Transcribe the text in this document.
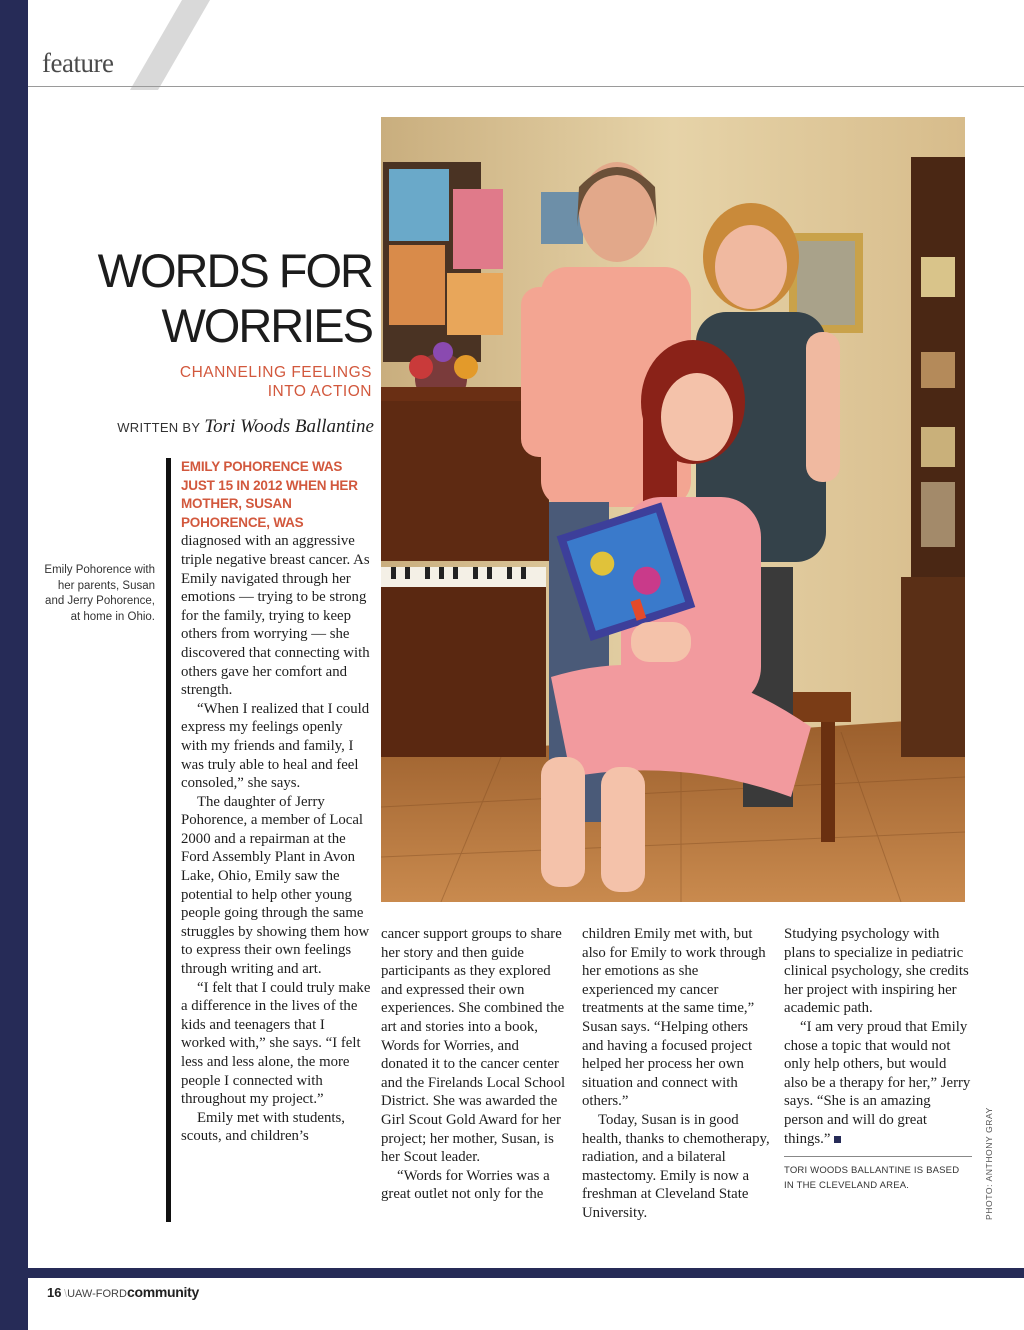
feature
WORDS FOR
WORRIES
CHANNELING FEELINGS
INTO ACTION
WRITTEN BY Tori Woods Ballantine
Emily Pohorence with her parents, Susan and Jerry Pohorence, at home in Ohio.

EMILY POHORENCE WAS JUST 15 IN 2012 WHEN HER MOTHER, SUSAN POHORENCE, WAS
diagnosed with an aggressive triple negative breast cancer. As Emily navigated through her emotions — trying to be strong for the family, trying to keep others from worrying — she discovered that connecting with others gave her comfort and strength.

“When I realized that I could express my feelings openly with my friends and family, I was truly able to heal and feel consoled,” she says.

The daughter of Jerry Pohorence, a member of Local 2000 and a repairman at the Ford Assembly Plant in Avon Lake, Ohio, Emily saw the potential to help other young people going through the same struggles by showing them how to express their own feelings through writing and art.

“I felt that I could truly make a difference in the lives of the kids and teenagers that I worked with,” she says. “I felt less and less alone, the more people I connected with throughout my project.”

Emily met with students, scouts, and children’s

cancer support groups to share her story and then guide participants as they explored and expressed their own experiences. She combined the art and stories into a book, Words for Worries, and donated it to the cancer center and the Firelands Local School District. She was awarded the Girl Scout Gold Award for her project; her mother, Susan, is her Scout leader.

“Words for Worries was a great outlet not only for the

children Emily met with, but also for Emily to work through her emotions as she experienced my cancer treatments at the same time,” Susan says. “Helping others and having a focused project helped her process her own situation and connect with others.”

Today, Susan is in good health, thanks to chemotherapy, radiation, and a bilateral mastectomy. Emily is now a freshman at Cleveland State University.

Studying psychology with plans to specialize in pediatric clinical psychology, she credits her project with inspiring her academic path.

“I am very proud that Emily chose a topic that would not only help others, but would also be a therapy for her,” Jerry says. “She is an amazing person and will do great things.”

TORI WOODS BALLANTINE IS BASED IN THE CLEVELAND AREA.	PHOTO: ANTHONY GRAY
16 \UAW-FORDcommunity
